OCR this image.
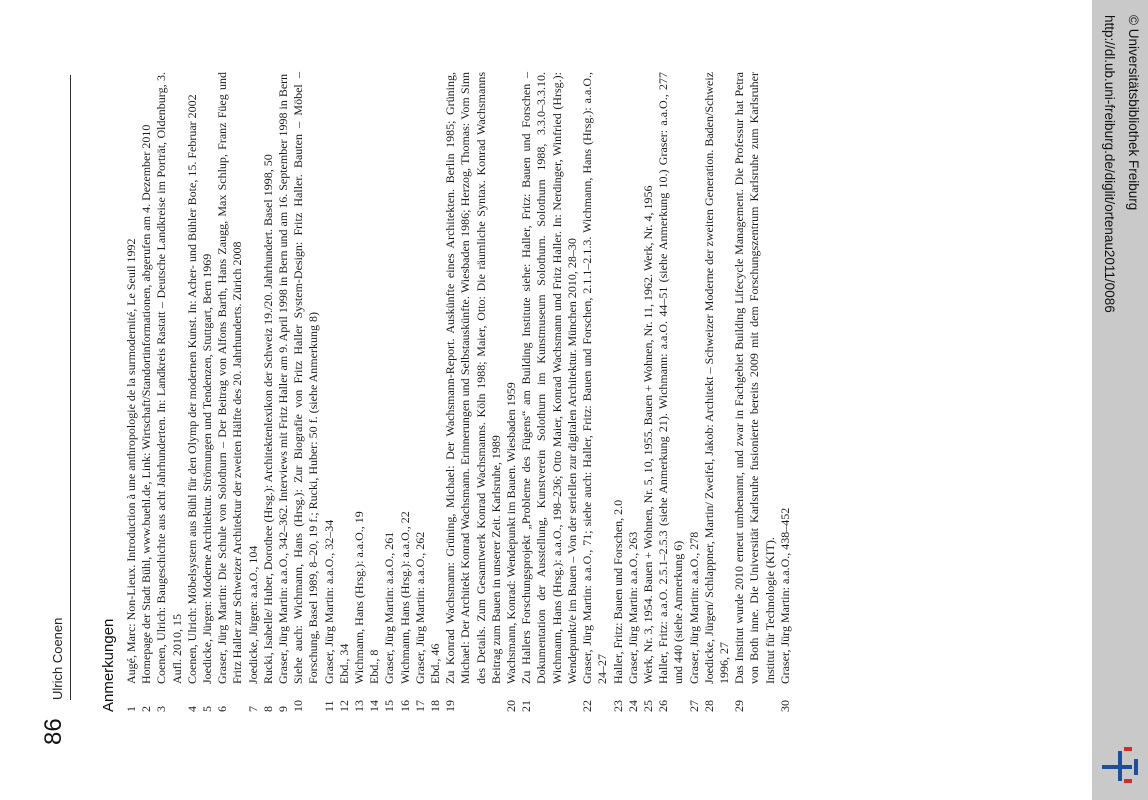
86
Ulrich Coenen Anmerkungen 1
Augé, Marc: Non-Lieux. Introduction à une anthropologie de la surmodernité, Le Seuil 1992
2
Homepage der Stadt Bühl, www.buehl.de, Link: Wirtschaft/Standortinformationen, abgerufen am 4. Dezember 2010
3
Coenen, Ulrich: Baugeschichte aus acht Jahrhunderten. In: Landkreis Rastatt – Deutsche Landkreise im Porträt, Oldenburg, 3. Aufl. 2010, 15
4
Coenen, Ulrich: Möbelsystem aus Bühl für den Olymp der modernen Kunst. In: Acher- und Bühler Bote, 15. Februar 2002
5
Joedicke, Jürgen: Moderne Architektur. Strömungen und Tendenzen, Stuttgart, Bern 1969
6
Graser, Jürg Martin: Die Schule von Solothurn – Der Beitrag von Alfons Barth, Hans Zaugg, Max Schlup, Franz Füeg und Fritz Haller zur Schweizer Architektur der zweiten Hälfte des 20. Jahrhunderts. Zürich 2008
7
Joedicke, Jürgen: a.a.O., 104
8
Rucki, Isabelle/ Huber, Dorothee (Hrsg.): Architektenlexikon der Schweiz 19./20. Jahrhundert. Basel 1998, 50
9
Graser, Jürg Martin: a.a.O., 342–362. Interviews mit Fritz Haller am 9. April 1998 in Bern und am 16. September 1998 in Bern
10
Siehe auch: Wichmann, Hans (Hrsg.): Zur Biografie von Fritz Haller System-Design: Fritz Haller. Bauten – Möbel – Forschung, Basel 1989, 8–20, 19 f.; Rucki, Huber: 50 f. (siehe Anmerkung 8)
11
Graser, Jürg Martin: a.a.O., 32–34
12
Ebd., 34
13
Wichmann, Hans (Hrsg.): a.a.O., 19
14
Ebd., 8
15
Graser, Jürg Martin: a.a.O., 261
16
Wichmann, Hans (Hrsg.): a.a.O., 22
17
Graser, Jürg Martin: a.a.O., 262
18
Ebd., 46
19
Zu Konrad Wachsmann: Grüning, Michael: Der Wachsmann-Report. Auskünfte eines Architekten. Berlin 1985; Grüning, Michael: Der Architekt Konrad Wachsmann. Erinnerungen und Selbstauskünfte. Wiesbaden 1986; Herzog, Thomas: Vom Sinn des Details. Zum Gesamtwerk Konrad Wachsmanns. Köln 1988; Maier, Otto: Die räumliche Syntax. Konrad Wachsmanns Beitrag zum Bauen in unserer Zeit. Karlsruhe, 1989
20
Wachsmann, Konrad: Wendepunkt im Bauen. Wiesbaden 1959
21
Zu Hallers Forschungsprojekt „Probleme des Fügens“ am Building Institute siehe: Haller, Fritz: Bauen und Forschen – Dokumentation der Ausstellung, Kunstverein Solothurn im Kunstmuseum Solothurn. Solothurn 1988, 3.3.0–3.3.10. Wichmann, Hans (Hrsg.): a.a.O., 198–236; Otto Maier, Konrad Wachsmann und Fritz Haller. In: Nerdinger, Winfried (Hrsg.): Wendepunkt/e im Bauen – Von der seriellen zur digitalen Architektur. München 2010, 28–30
22
Graser, Jürg Martin: a.a.O., 71; siehe auch: Haller, Fritz: Bauen und Forschen, 2.1.1–2.1.3. Wichmann, Hans (Hrsg.): a.a.O., 24–27
23
Haller, Fritz: Bauen und Forschen, 2.0
24
Graser, Jürg Martin: a.a.O., 263
25
Werk, Nr. 3, 1954. Bauen + Wohnen, Nr. 5, 10, 1955. Bauen + Wohnen, Nr. 11, 1962. Werk, Nr. 4, 1956
26
Haller, Fritz: a.a.O. 2.5.1–2.5.3 (siehe Anmerkung 21). Wichmann: a.a.O. 44–51 (siehe Anmerkung 10.) Graser: a.a.O., 277 und 440 (siehe Anmerkung 6)
27
Graser, Jürg Martin: a.a.O., 278
28
Joedicke, Jürgen/ Schlappner, Martin/ Zweifel, Jakob: Architekt – Schweizer Moderne der zweiten Generation. Baden/Schweiz 1996, 27
29
Das Institut wurde 2010 erneut umbenannt, und zwar in Fachgebiet Building Lifecycle Management. Die Professur hat Petra von Both inne. Die Universität Karlsruhe fusionierte bereits 2009 mit dem Forschungszentrum Karlsruhe zum Karlsruher Institut für Technologie (KIT).
30
Graser, Jürg Martin: a.a.O., 438–452
http://dl.ub.uni-freiburg.de/diglit/ortenau2011/0086 © Universitätsbibliothek Freiburg
